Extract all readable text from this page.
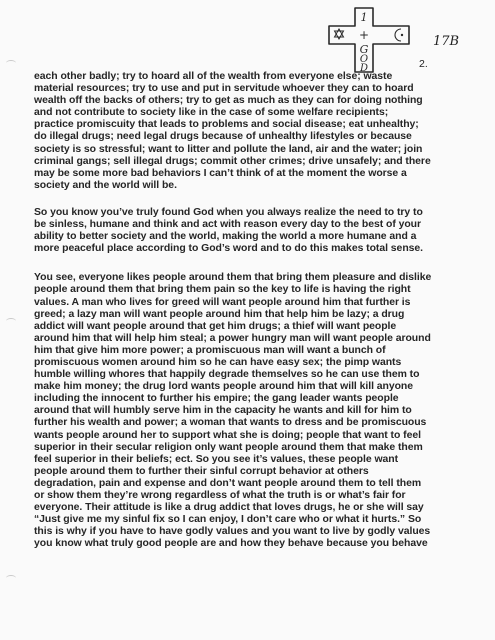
1
+
G
O
D
17B
2.
each other badly; try to hoard all of the wealth from everyone else; waste
material resources; try to use and put in servitude whoever they can to hoard
wealth off the backs of others; try to get as much as they can for doing nothing
and not contribute to society like in the case of some welfare recipients;
practice promiscuity that leads to problems and social disease; eat unhealthy;
do illegal drugs; need legal drugs because of unhealthy lifestyles or because
society is so stressful; want to litter and pollute the land, air and the water; join
criminal gangs; sell illegal drugs; commit other crimes; drive unsafely; and there
may be some more bad behaviors I can’t think of at the moment the worse a
society and the world will be.
So you know you’ve truly found God when you always realize the need to try to
be sinless, humane and think and act with reason every day to the best of your
ability to better society and the world, making the world a more humane and a
more peaceful place according to God’s word and to do this makes total sense.
You see, everyone likes people around them that bring them pleasure and dislike
people around them that bring them pain so the key to life is having the right
values. A man who lives for greed will want people around him that further is
greed; a lazy man will want people around him that help him be lazy; a drug
addict will want people around that get him drugs; a thief will want people
around him that will help him steal; a power hungry man will want people around
him that give him more power; a promiscuous man will want a bunch of
promiscuous women around him so he can have easy sex; the pimp wants
humble willing whores that happily degrade themselves so he can use them to
make him money; the drug lord wants people around him that will kill anyone
including the innocent to further his empire; the gang leader wants people
around that will humbly serve him in the capacity he wants and kill for him to
further his wealth and power; a woman that wants to dress and be promiscuous
wants people around her to support what she is doing; people that want to feel
superior in their secular religion only want people around them that make them
feel superior in their beliefs; ect. So you see it’s values, these people want
people around them to further their sinful corrupt behavior at others
degradation, pain and expense and don’t want people around them to tell them
or show them they’re wrong regardless of what the truth is or what’s fair for
everyone. Their attitude is like a drug addict that loves drugs, he or she will say
“Just give me my sinful fix so I can enjoy, I don’t care who or what it hurts.” So
this is why if you have to have godly values and you want to live by godly values
you know what truly good people are and how they behave because you behave
